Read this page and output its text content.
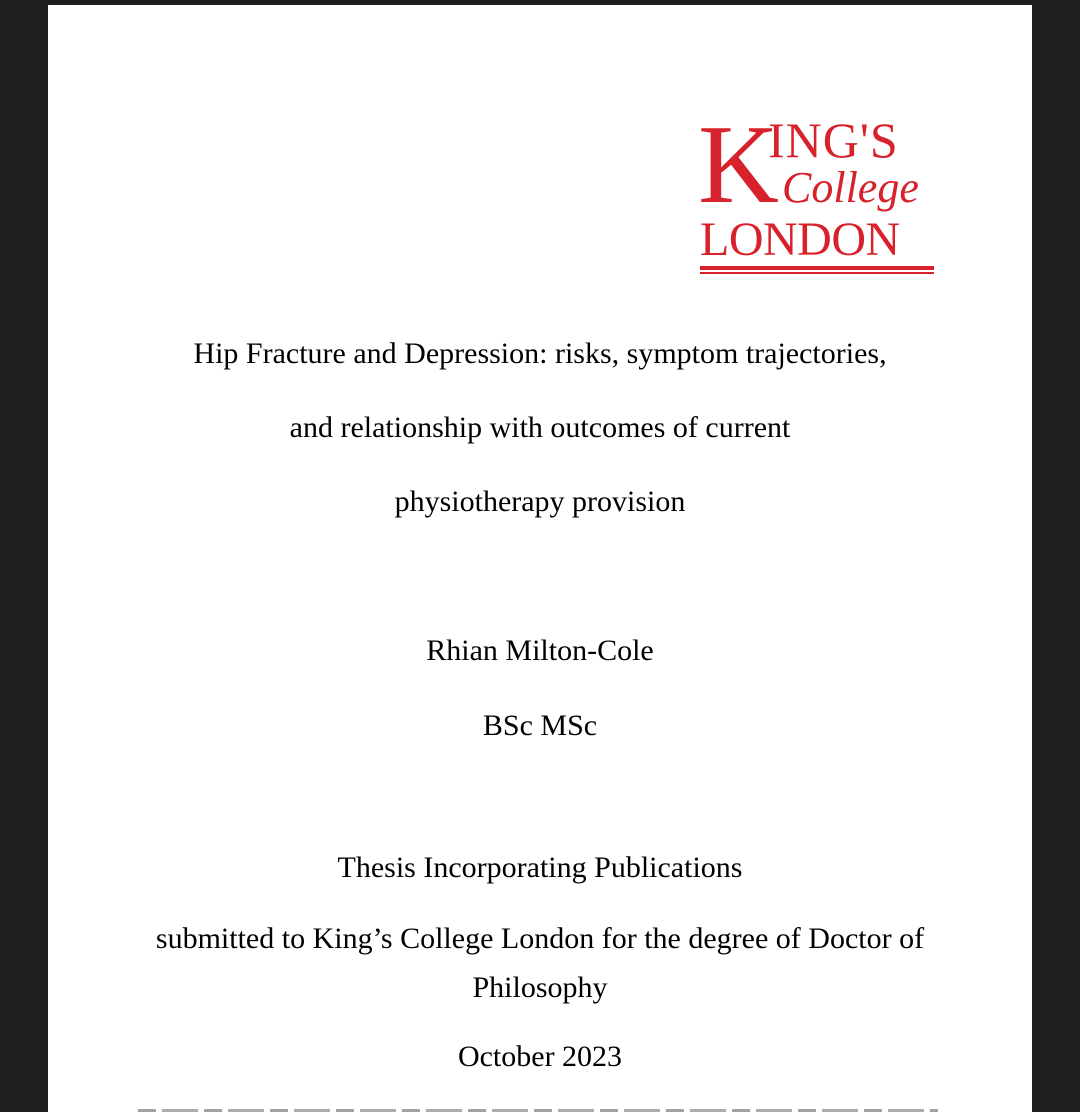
K
ING'S
College
LONDON
Hip Fracture and Depression: risks, symptom trajectories,
and relationship with outcomes of current
physiotherapy provision
Rhian Milton-Cole
BSc MSc
Thesis Incorporating Publications
submitted to King’s College London for the degree of Doctor of
Philosophy
October 2023
